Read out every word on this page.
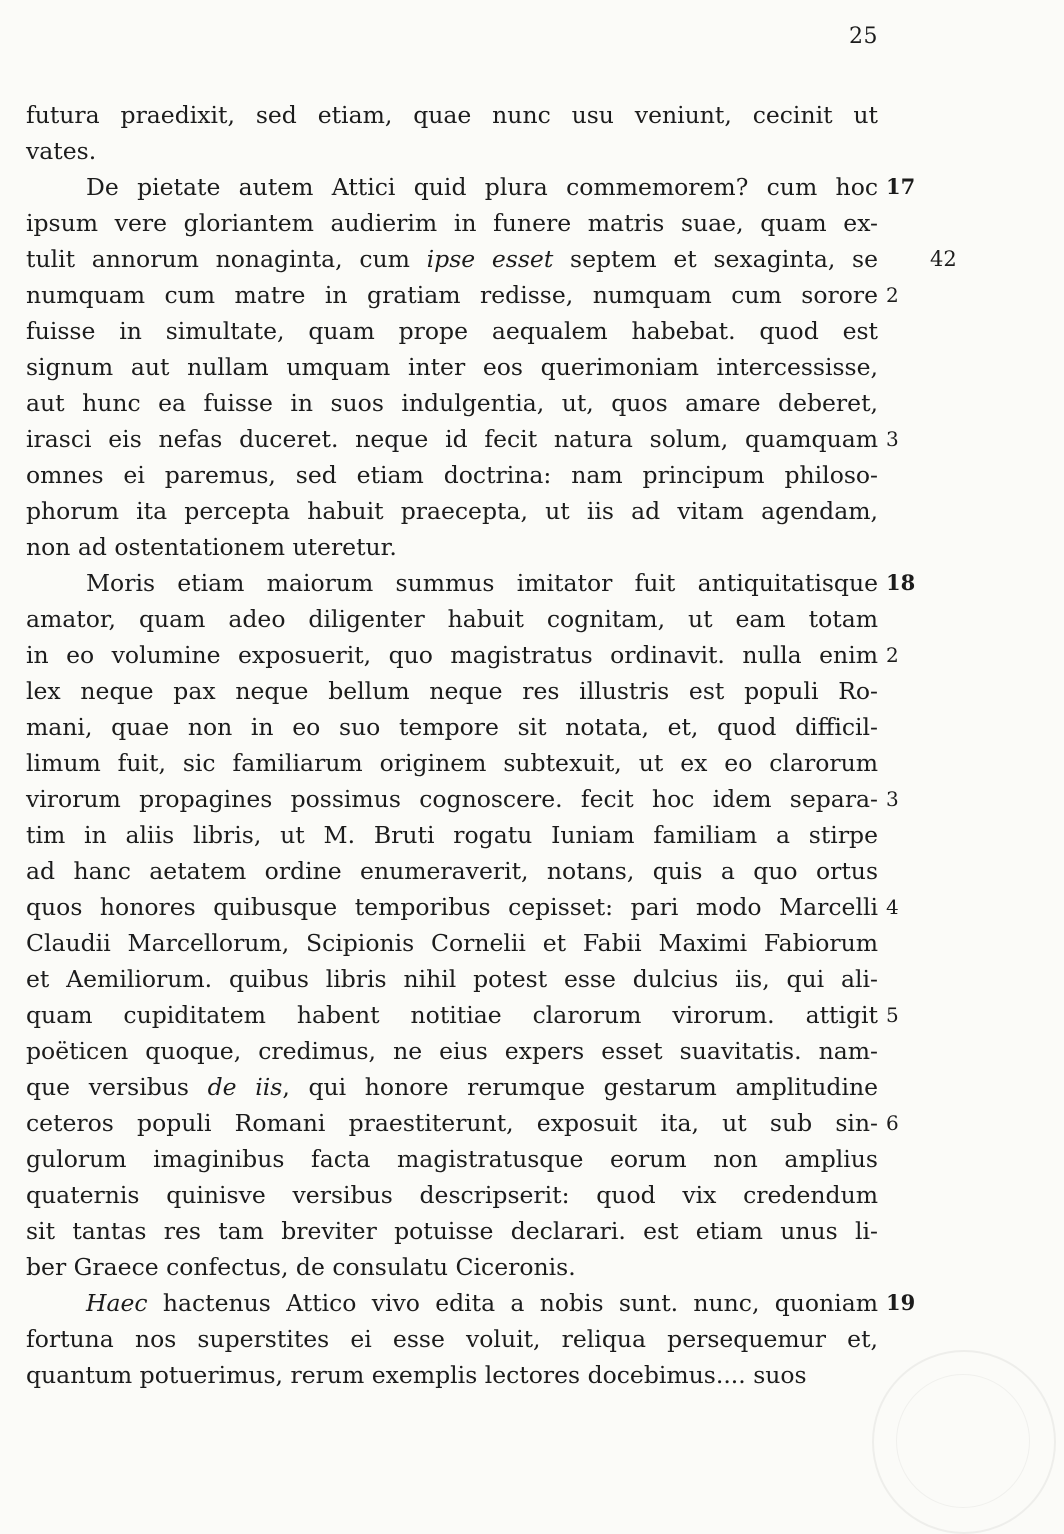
25
futura praedixit, sed etiam, quae nunc usu veniunt, cecinit ut
vates.
De pietate autem Attici quid plura commemorem? cum hoc
ipsum vere gloriantem audierim in funere matris suae, quam ex-
tulit annorum nonaginta, cum ipse esset septem et sexaginta, se
numquam cum matre in gratiam redisse, numquam cum sorore
fuisse in simultate, quam prope aequalem habebat. quod est
signum aut nullam umquam inter eos querimoniam intercessisse,
aut hunc ea fuisse in suos indulgentia, ut, quos amare deberet,
irasci eis nefas duceret. neque id fecit natura solum, quamquam
omnes ei paremus, sed etiam doctrina: nam principum philoso-
phorum ita percepta habuit praecepta, ut iis ad vitam agendam,
non ad ostentationem uteretur.
Moris etiam maiorum summus imitator fuit antiquitatisque
amator, quam adeo diligenter habuit cognitam, ut eam totam
in eo volumine exposuerit, quo magistratus ordinavit. nulla enim
lex neque pax neque bellum neque res illustris est populi Ro-
mani, quae non in eo suo tempore sit notata, et, quod difficil-
limum fuit, sic familiarum originem subtexuit, ut ex eo clarorum
virorum propagines possimus cognoscere. fecit hoc idem separa-
tim in aliis libris, ut M. Bruti rogatu Iuniam familiam a stirpe
ad hanc aetatem ordine enumeraverit, notans, quis a quo ortus
quos honores quibusque temporibus cepisset: pari modo Marcelli
Claudii Marcellorum, Scipionis Cornelii et Fabii Maximi Fabiorum
et Aemiliorum. quibus libris nihil potest esse dulcius iis, qui ali-
quam cupiditatem habent notitiae clarorum virorum. attigit
poëticen quoque, credimus, ne eius expers esset suavitatis. nam-
que versibus de iis, qui honore rerumque gestarum amplitudine
ceteros populi Romani praestiterunt, exposuit ita, ut sub sin-
gulorum imaginibus facta magistratusque eorum non amplius
quaternis quinisve versibus descripserit: quod vix credendum
sit tantas res tam breviter potuisse declarari. est etiam unus li-
ber Graece confectus, de consulatu Ciceronis.
Haec hactenus Attico vivo edita a nobis sunt. nunc, quoniam
fortuna nos superstites ei esse voluit, reliqua persequemur et,
quantum potuerimus, rerum exemplis lectores docebimus.... suos
17
42
2
3
18
2
3
4
5
6
19
